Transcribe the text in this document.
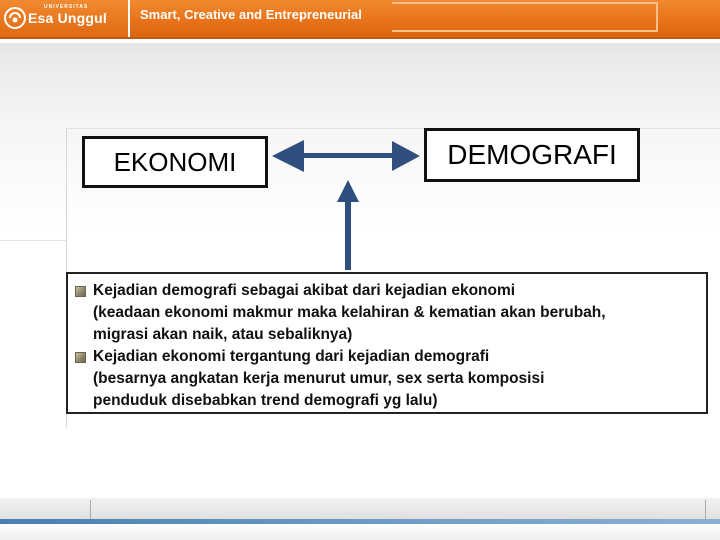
UNIVERSITAS
Esa Unggul	Smart, Creative and Entrepreneurial
EKONOMI	DEMOGRAFI
Kejadian demografi sebagai akibat dari kejadian ekonomi
(keadaan ekonomi makmur maka kelahiran & kematian akan berubah,
migrasi akan naik, atau sebaliknya)
Kejadian ekonomi tergantung dari kejadian demografi
(besarnya angkatan kerja menurut umur, sex serta komposisi
penduduk disebabkan trend demografi yg lalu)
